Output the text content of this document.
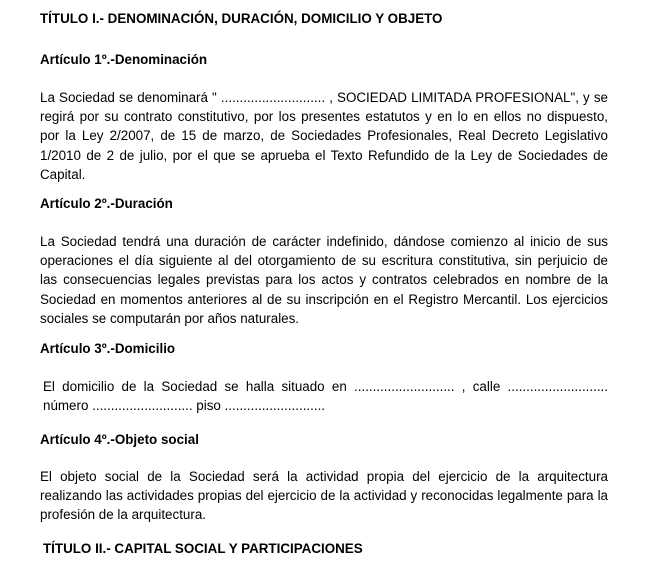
TÍTULO I.- DENOMINACIÓN, DURACIÓN, DOMICILIO Y OBJETO
Artículo 1º.-Denominación
La Sociedad se denominará " ............................ , SOCIEDAD LIMITADA PROFESIONAL", y se
regirá por su contrato constitutivo, por los presentes estatutos y en lo en ellos no dispuesto,
por la Ley 2/2007, de 15 de marzo, de Sociedades Profesionales, Real Decreto Legislativo
1/2010 de 2 de julio, por el que se aprueba el Texto Refundido de la Ley de Sociedades de
Capital.
Artículo 2º.-Duración
La Sociedad tendrá una duración de carácter indefinido, dándose comienzo al inicio de sus
operaciones el día siguiente al del otorgamiento de su escritura constitutiva, sin perjuicio de
las consecuencias legales previstas para los actos y contratos celebrados en nombre de la
Sociedad en momentos anteriores al de su inscripción en el Registro Mercantil. Los ejercicios
sociales se computarán por años naturales.
Artículo 3º.-Domicilio
El domicilio de la Sociedad se halla situado en ........................... , calle ...........................
número ........................... piso ...........................
Artículo 4º.-Objeto social
El objeto social de la Sociedad será la actividad propia del ejercicio de la arquitectura
realizando las actividades propias del ejercicio de la actividad y reconocidas legalmente para la
profesión de la arquitectura.
TÍTULO II.- CAPITAL SOCIAL Y PARTICIPACIONES
